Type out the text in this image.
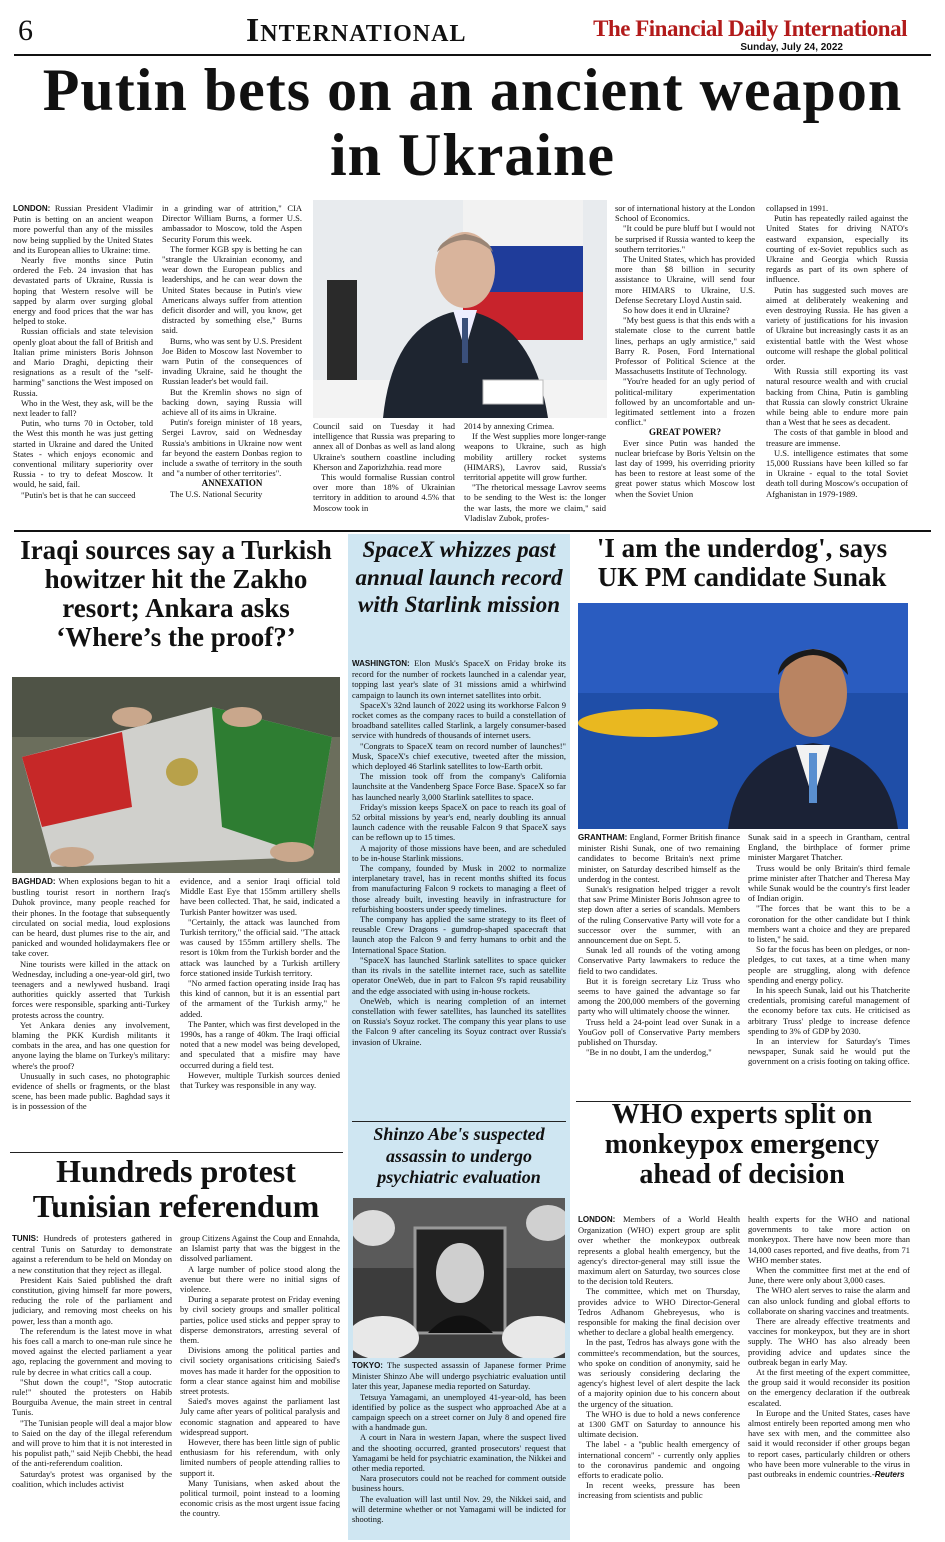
6	International	The Financial Daily International
Sunday, July 24, 2022
Putin bets on an ancient weapon in Ukraine

LONDON: Russian President Vladimir Putin is betting on an ancient weapon more powerful than any of the missiles now being supplied by the United States and its European allies to Ukraine: time.

Nearly five months since Putin ordered the Feb. 24 invasion that has devastated parts of Ukraine, Russia is hoping that Western resolve will be sapped by alarm over surging global energy and food prices that the war has helped to stoke.

Russian officials and state television openly gloat about the fall of British and Italian prime ministers Boris Johnson and Mario Draghi, depicting their resignations as a result of the "self-harming" sanctions the West imposed on Russia.

Who in the West, they ask, will be the next leader to fall?

Putin, who turns 70 in October, told the West this month he was just getting started in Ukraine and dared the United States - which enjoys economic and conventional military superiority over Russia - to try to defeat Moscow. It would, he said, fail.

"Putin's bet is that he can succeed

in a grinding war of attrition," CIA Director William Burns, a former U.S. ambassador to Moscow, told the Aspen Security Forum this week.

The former KGB spy is betting he can "strangle the Ukrainian economy, and wear down the European publics and leaderships, and he can wear down the United States because in Putin's view Americans always suffer from attention deficit disorder and will, you know, get distracted by something else," Burns said.

Burns, who was sent by U.S. President Joe Biden to Moscow last November to warn Putin of the consequences of invading Ukraine, said he thought the Russian leader's bet would fail.

But the Kremlin shows no sign of backing down, saying Russia will achieve all of its aims in Ukraine.

Putin's foreign minister of 18 years, Sergei Lavrov, said on Wednesday Russia's ambitions in Ukraine now went far beyond the eastern Donbas region to include a swathe of territory in the south and "a number of other territories".

ANNEXATION

The U.S. National Security

Council said on Tuesday it had intelligence that Russia was preparing to annex all of Donbas as well as land along Ukraine's southern coastline including Kherson and Zaporizhzhia. read more

This would formalise Russian control over more than 18% of Ukrainian territory in addition to around 4.5% that Moscow took in

2014 by annexing Crimea.

If the West supplies more longer-range weapons to Ukraine, such as high mobility artillery rocket systems (HIMARS), Lavrov said, Russia's territorial appetite will grow further.

"The rhetorical message Lavrov seems to be sending to the West is: the longer the war lasts, the more we claim," said Vladislav Zubok, profes-

sor of international history at the London School of Economics.

"It could be pure bluff but I would not be surprised if Russia wanted to keep the southern territories."

The United States, which has provided more than $8 billion in security assistance to Ukraine, will send four more HIMARS to Ukraine, U.S. Defense Secretary Lloyd Austin said.

So how does it end in Ukraine?

"My best guess is that this ends with a stalemate close to the current battle lines, perhaps an ugly armistice," said Barry R. Posen, Ford International Professor of Political Science at the Massachusetts Institute of Technology.

"You're headed for an ugly period of political-military experimentation followed by an uncomfortable and un-legitimated settlement into a frozen conflict."

GREAT POWER?

Ever since Putin was handed the nuclear briefcase by Boris Yeltsin on the last day of 1999, his overriding priority has been to restore at least some of the great power status which Moscow lost when the Soviet Union

collapsed in 1991.

Putin has repeatedly railed against the United States for driving NATO's eastward expansion, especially its courting of ex-Soviet republics such as Ukraine and Georgia which Russia regards as part of its own sphere of influence.

Putin has suggested such moves are aimed at deliberately weakening and even destroying Russia. He has given a variety of justifications for his invasion of Ukraine but increasingly casts it as an existential battle with the West whose outcome will reshape the global political order.

With Russia still exporting its vast natural resource wealth and with crucial backing from China, Putin is gambling that Russia can slowly constrict Ukraine while being able to endure more pain than a West that he sees as decadent.

The costs of that gamble in blood and treasure are immense.

U.S. intelligence estimates that some 15,000 Russians have been killed so far in Ukraine - equal to the total Soviet death toll during Moscow's occupation of Afghanistan in 1979-1989.

Iraqi sources say a Turkish howitzer hit the Zakho resort; Ankara asks ‘Where’s the proof?’

BAGHDAD: When explosions began to hit a bustling tourist resort in northern Iraq's Duhok province, many people reached for their phones. In the footage that subsequently circulated on social media, loud explosions can be heard, dust plumes rise to the air, and panicked and wounded holidaymakers flee or take cover.

Nine tourists were killed in the attack on Wednesday, including a one-year-old girl, two teenagers and a newlywed husband. Iraqi authorities quickly asserted that Turkish forces were responsible, sparking anti-Turkey protests across the country.

Yet Ankara denies any involvement, blaming the PKK Kurdish militants it combats in the area, and has one question for anyone laying the blame on Turkey's military: where's the proof?

Unusually in such cases, no photographic evidence of shells or fragments, or the blast scene, has been made public. Baghdad says it is in possession of the

evidence, and a senior Iraqi official told Middle East Eye that 155mm artillery shells have been collected. That, he said, indicated a Turkish Panter howitzer was used.

"Certainly, the attack was launched from Turkish territory," the official said. "The attack was caused by 155mm artillery shells. The resort is 10km from the Turkish border and the attack was launched by a Turkish artillery force stationed inside Turkish territory.

"No armed faction operating inside Iraq has this kind of cannon, but it is an essential part of the armament of the Turkish army," he added.

The Panter, which was first developed in the 1990s, has a range of 40km. The Iraqi official noted that a new model was being developed, and speculated that a misfire may have occurred during a field test.

However, multiple Turkish sources denied that Turkey was responsible in any way.

Hundreds protest Tunisian referendum

TUNIS: Hundreds of protesters gathered in central Tunis on Saturday to demonstrate against a referendum to be held on Monday on a new constitution that they reject as illegal.

President Kais Saied published the draft constitution, giving himself far more powers, reducing the role of the parliament and judiciary, and removing most cheeks on his power, less than a month ago.

The referendum is the latest move in what his foes call a march to one-man rule since he moved against the elected parliament a year ago, replacing the government and moving to rule by decree in what critics call a coup.

"Shut down the coup!", "Stop autocratic rule!" shouted the protesters on Habib Bourguiba Avenue, the main street in central Tunis.

"The Tunisian people will deal a major blow to Saied on the day of the illegal referendum and will prove to him that it is not interested in his populist path," said Nejib Chebbi, the head of the anti-referendum coalition.

Saturday's protest was organised by the coalition, which includes activist

group Citizens Against the Coup and Ennahda, an Islamist party that was the biggest in the dissolved parliament.

A large number of police stood along the avenue but there were no initial signs of violence.

During a separate protest on Friday evening by civil society groups and smaller political parties, police used sticks and pepper spray to disperse demonstrators, arresting several of them.

Divisions among the political parties and civil society organisations criticising Saied's moves has made it harder for the opposition to form a clear stance against him and mobilise street protests.

Saied's moves against the parliament last July came after years of political paralysis and economic stagnation and appeared to have widespread support.

However, there has been little sign of public enthusiasm for his referendum, with only limited numbers of people attending rallies to support it.

Many Tunisians, when asked about the political turmoil, point instead to a looming economic crisis as the most urgent issue facing the country.

SpaceX whizzes past annual launch record with Starlink mission

WASHINGTON: Elon Musk's SpaceX on Friday broke its record for the number of rockets launched in a calendar year, topping last year's slate of 31 missions amid a whirlwind campaign to launch its own internet satellites into orbit.

SpaceX's 32nd launch of 2022 using its workhorse Falcon 9 rocket comes as the company races to build a constellation of broadband satellites called Starlink, a largely consumer-based service with hundreds of thousands of internet users.

"Congrats to SpaceX team on record number of launches!" Musk, SpaceX's chief executive, tweeted after the mission, which deployed 46 Starlink satellites to low-Earth orbit.

The mission took off from the company's California launchsite at the Vandenberg Space Force Base. SpaceX so far has launched nearly 3,000 Starlink satellites to space.

Friday's mission keeps SpaceX on pace to reach its goal of 52 orbital missions by year's end, nearly doubling its annual launch cadence with the reusable Falcon 9 that SpaceX says can be reflown up to 15 times.

A majority of those missions have been, and are scheduled to be in-house Starlink missions.

The company, founded by Musk in 2002 to normalize interplanetary travel, has in recent months shifted its focus from manufacturing Falcon 9 rockets to managing a fleet of those already built, investing heavily in infrastructure for refurbishing boosters under speedy timelines.

The company has applied the same strategy to its fleet of reusable Crew Dragons - gumdrop-shaped spacecraft that launch atop the Falcon 9 and ferry humans to orbit and the International Space Station.

"SpaceX has launched Starlink satellites to space quicker than its rivals in the satellite internet race, such as satellite operator OneWeb, due in part to Falcon 9's rapid reusability and the edge associated with using in-house rockets.

OneWeb, which is nearing completion of an internet constellation with fewer satellites, has launched its satellites on Russia's Soyuz rocket. The company this year plans to use the Falcon 9 after canceling its Soyuz contract over Russia's invasion of Ukraine.

Shinzo Abe's suspected assassin to undergo psychiatric evaluation

TOKYO: The suspected assassin of Japanese former Prime Minister Shinzo Abe will undergo psychiatric evaluation until later this year, Japanese media reported on Saturday.

Tetsuya Yamagami, an unemployed 41-year-old, has been identified by police as the suspect who approached Abe at a campaign speech on a street corner on July 8 and opened fire with a handmade gun.

A court in Nara in western Japan, where the suspect lived and the shooting occurred, granted prosecutors' request that Yamagami be held for psychiatric examination, the Nikkei and other media reported.

Nara prosecutors could not be reached for comment outside business hours.

The evaluation will last until Nov. 29, the Nikkei said, and will determine whether or not Yamagami will be indicted for shooting.

'I am the underdog', says UK PM candidate Sunak

GRANTHAM: England, Former British finance minister Rishi Sunak, one of two remaining candidates to become Britain's next prime minister, on Saturday described himself as the underdog in the contest.

Sunak's resignation helped trigger a revolt that saw Prime Minister Boris Johnson agree to step down after a series of scandals. Members of the ruling Conservative Party will vote for a successor over the summer, with an announcement due on Sept. 5.

Sunak led all rounds of the voting among Conservative Party lawmakers to reduce the field to two candidates.

But it is foreign secretary Liz Truss who seems to have gained the advantage so far among the 200,000 members of the governing party who will ultimately choose the winner.

Truss held a 24-point lead over Sunak in a YouGov poll of Conservative Party members published on Thursday.

"Be in no doubt, I am the underdog,"

Sunak said in a speech in Grantham, central England, the birthplace of former prime minister Margaret Thatcher.

Truss would be only Britain's third female prime minister after Thatcher and Theresa May while Sunak would be the country's first leader of Indian origin.

"The forces that be want this to be a coronation for the other candidate but I think members want a choice and they are prepared to listen," he said.

So far the focus has been on pledges, or non-pledges, to cut taxes, at a time when many people are struggling, along with defence spending and energy policy.

In his speech Sunak, laid out his Thatcherite credentials, promising careful management of the economy before tax cuts. He criticised as arbitrary Truss' pledge to increase defence spending to 3% of GDP by 2030.

In an interview for Saturday's Times newspaper, Sunak said he would put the government on a crisis footing on taking office.

WHO experts split on monkeypox emergency ahead of decision

LONDON: Members of a World Health Organization (WHO) expert group are split over whether the monkeypox outbreak represents a global health emergency, but the agency's director-general may still issue the maximum alert on Saturday, two sources close to the decision told Reuters.

The committee, which met on Thursday, provides advice to WHO Director-General Tedros Adhanom Ghebreyesus, who is responsible for making the final decision over whether to declare a global health emergency.

In the past, Tedros has always gone with the committee's recommendation, but the sources, who spoke on condition of anonymity, said he was seriously considering declaring the agency's highest level of alert despite the lack of a majority opinion due to his concern about the urgency of the situation.

The WHO is due to hold a news conference at 1300 GMT on Saturday to announce his ultimate decision.

The label - a "public health emergency of international concern" - currently only applies to the coronavirus pandemic and ongoing efforts to eradicate polio.

In recent weeks, pressure has been increasing from scientists and public

health experts for the WHO and national governments to take more action on monkeypox. There have now been more than 14,000 cases reported, and five deaths, from 71 WHO member states.

When the committee first met at the end of June, there were only about 3,000 cases.

The WHO alert serves to raise the alarm and can also unlock funding and global efforts to collaborate on sharing vaccines and treatments.

There are already effective treatments and vaccines for monkeypox, but they are in short supply. The WHO has also already been providing advice and updates since the outbreak began in early May.

At the first meeting of the expert committee, the group said it would reconsider its position on the emergency declaration if the outbreak escalated.

In Europe and the United States, cases have almost entirely been reported among men who have sex with men, and the committee also said it would reconsider if other groups began to report cases, particularly children or others who have been more vulnerable to the virus in past outbreaks in endemic countries.-Reuters
